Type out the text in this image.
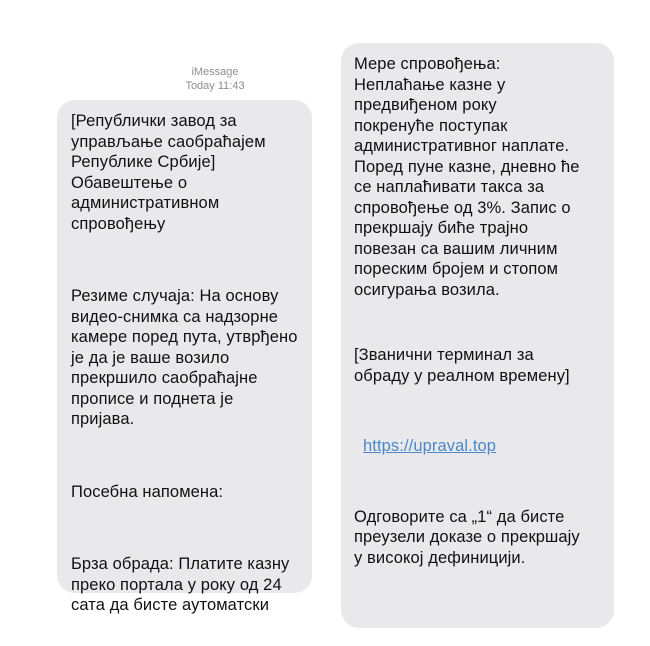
iMessage
Today 11:43

[Републички завод за
управљање саобраћајем
Републике Србије]
Обавештење о
административном
спровођењу

Резиме случаја: На основу
видео-снимка са надзорне
камере поред пута, утврђено
је да је ваше возило
прекршило саобраћајне
прописе и поднета је пријава.

Посебна напомена:

Брза обрада: Платите казну
преко портала у року од 24
сата да бисте аутоматски

Мере спровођења:
Неплаћање казне у
предвиђеном року
покренуће поступак
административног наплате.
Поред пуне казне, дневно ће
се наплаћивати такса за
спровођење од 3%. Запис о
прекршају биће трајно
повезан са вашим личним
пореским бројем и стопом
осигурања возила.

[Званични терминал за
обраду у реалном времену]

https://upraval.top

Одговорите са „1“ да бисте
преузели доказе о прекршају
у високој дефиницији.
